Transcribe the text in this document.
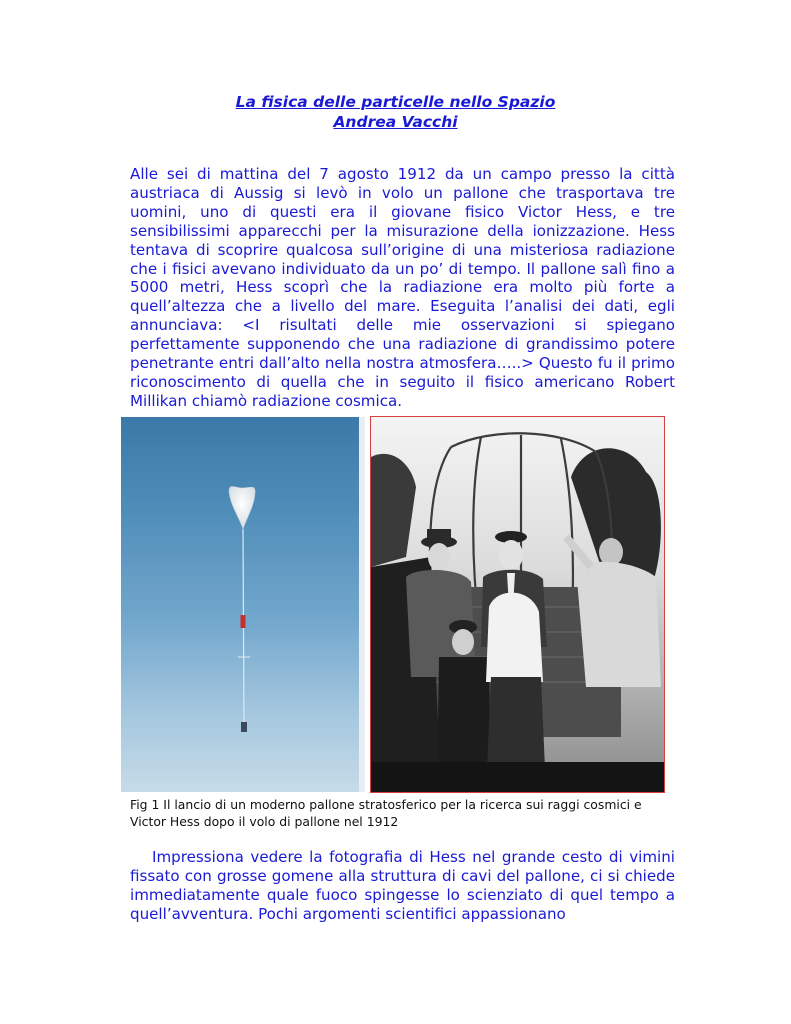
La fisica delle particelle nello Spazio
Andrea Vacchi

Alle sei di mattina del 7 agosto 1912 da un campo presso la città austriaca di Aussig si levò in volo un pallone che trasportava tre uomini, uno di questi era il giovane fisico Victor Hess, e tre sensibilissimi apparecchi per la misurazione della ionizzazione. Hess tentava di scoprire qualcosa sull’origine di una misteriosa radiazione che i fisici avevano individuato da un po’ di tempo. Il pallone salì fino a 5000 metri, Hess scoprì che la radiazione era molto più forte a quell’altezza che a livello del mare. Eseguita l’analisi dei dati, egli annunciava: <I risultati delle mie osservazioni si spiegano perfettamente supponendo che una radiazione di grandissimo potere penetrante entri dall’alto nella nostra atmosfera…..> Questo fu il primo riconoscimento di quella che in seguito il fisico americano Robert Millikan chiamò radiazione cosmica.

Fig 1 Il lancio di un moderno pallone stratosferico per la ricerca sui raggi cosmici e Victor Hess dopo il volo di pallone nel 1912

Impressiona vedere la fotografia di Hess nel grande cesto di vimini fissato con grosse gomene alla struttura di cavi del pallone, ci si chiede immediatamente quale fuoco spingesse lo scienziato di quel tempo a quell’avventura. Pochi argomenti scientifici appassionano
